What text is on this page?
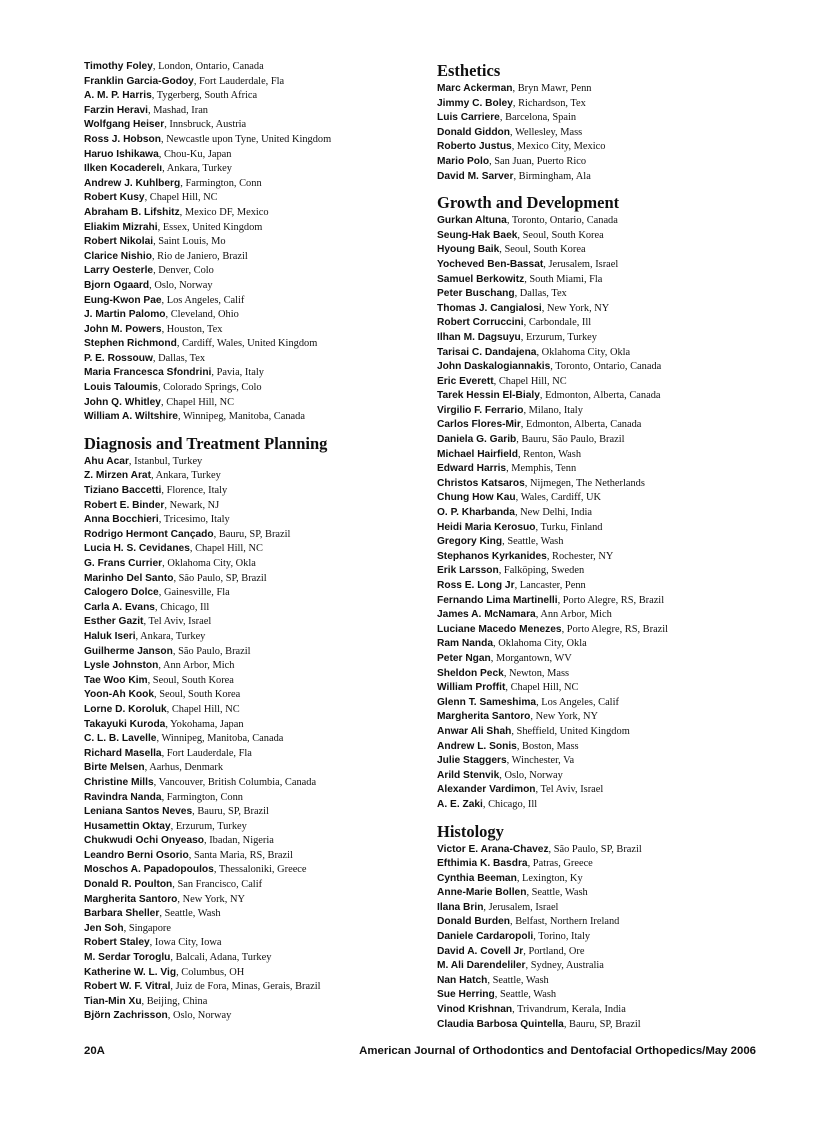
Timothy Foley, London, Ontario, Canada
Franklin Garcia-Godoy, Fort Lauderdale, Fla
A. M. P. Harris, Tygerberg, South Africa
Farzin Heravi, Mashad, Iran
Wolfgang Heiser, Innsbruck, Austria
Ross J. Hobson, Newcastle upon Tyne, United Kingdom
Haruo Ishikawa, Chou-Ku, Japan
Ilken Kocaderelı, Ankara, Turkey
Andrew J. Kuhlberg, Farmington, Conn
Robert Kusy, Chapel Hill, NC
Abraham B. Lifshitz, Mexico DF, Mexico
Eliakim Mizrahi, Essex, United Kingdom
Robert Nikolai, Saint Louis, Mo
Clarice Nishio, Rio de Janiero, Brazil
Larry Oesterle, Denver, Colo
Bjorn Ogaard, Oslo, Norway
Eung-Kwon Pae, Los Angeles, Calif
J. Martin Palomo, Cleveland, Ohio
John M. Powers, Houston, Tex
Stephen Richmond, Cardiff, Wales, United Kingdom
P. E. Rossouw, Dallas, Tex
Maria Francesca Sfondrini, Pavia, Italy
Louis Taloumis, Colorado Springs, Colo
John Q. Whitley, Chapel Hill, NC
William A. Wiltshire, Winnipeg, Manitoba, Canada
Diagnosis and Treatment Planning
Ahu Acar, Istanbul, Turkey
Z. Mirzen Arat, Ankara, Turkey
Tiziano Baccetti, Florence, Italy
Robert E. Binder, Newark, NJ
Anna Bocchieri, Tricesimo, Italy
Rodrigo Hermont Cançado, Bauru, SP, Brazil
Lucia H. S. Cevidanes, Chapel Hill, NC
G. Frans Currier, Oklahoma City, Okla
Marinho Del Santo, São Paulo, SP, Brazil
Calogero Dolce, Gainesville, Fla
Carla A. Evans, Chicago, Ill
Esther Gazit, Tel Aviv, Israel
Haluk Iseri, Ankara, Turkey
Guilherme Janson, São Paulo, Brazil
Lysle Johnston, Ann Arbor, Mich
Tae Woo Kim, Seoul, South Korea
Yoon-Ah Kook, Seoul, South Korea
Lorne D. Koroluk, Chapel Hill, NC
Takayuki Kuroda, Yokohama, Japan
C. L. B. Lavelle, Winnipeg, Manitoba, Canada
Richard Masella, Fort Lauderdale, Fla
Birte Melsen, Aarhus, Denmark
Christine Mills, Vancouver, British Columbia, Canada
Ravindra Nanda, Farmington, Conn
Leniana Santos Neves, Bauru, SP, Brazil
Husamettin Oktay, Erzurum, Turkey
Chukwudi Ochi Onyeaso, Ibadan, Nigeria
Leandro Berni Osorio, Santa Maria, RS, Brazil
Moschos A. Papadopoulos, Thessaloniki, Greece
Donald R. Poulton, San Francisco, Calif
Margherita Santoro, New York, NY
Barbara Sheller, Seattle, Wash
Jen Soh, Singapore
Robert Staley, Iowa City, Iowa
M. Serdar Toroglu, Balcali, Adana, Turkey
Katherine W. L. Vig, Columbus, OH
Robert W. F. Vitral, Juiz de Fora, Minas, Gerais, Brazil
Tian-Min Xu, Beijing, China
Björn Zachrisson, Oslo, Norway
Esthetics
Marc Ackerman, Bryn Mawr, Penn
Jimmy C. Boley, Richardson, Tex
Luis Carriere, Barcelona, Spain
Donald Giddon, Wellesley, Mass
Roberto Justus, Mexico City, Mexico
Mario Polo, San Juan, Puerto Rico
David M. Sarver, Birmingham, Ala
Growth and Development
Gurkan Altuna, Toronto, Ontario, Canada
Seung-Hak Baek, Seoul, South Korea
Hyoung Baik, Seoul, South Korea
Yocheved Ben-Bassat, Jerusalem, Israel
Samuel Berkowitz, South Miami, Fla
Peter Buschang, Dallas, Tex
Thomas J. Cangialosi, New York, NY
Robert Corruccini, Carbondale, Ill
Ilhan M. Dagsuyu, Erzurum, Turkey
Tarisai C. Dandajena, Oklahoma City, Okla
John Daskalogiannakis, Toronto, Ontario, Canada
Eric Everett, Chapel Hill, NC
Tarek Hessin El-Bialy, Edmonton, Alberta, Canada
Virgilio F. Ferrario, Milano, Italy
Carlos Flores-Mir, Edmonton, Alberta, Canada
Daniela G. Garib, Bauru, São Paulo, Brazil
Michael Hairfield, Renton, Wash
Edward Harris, Memphis, Tenn
Christos Katsaros, Nijmegen, The Netherlands
Chung How Kau, Wales, Cardiff, UK
O. P. Kharbanda, New Delhi, India
Heidi Maria Kerosuo, Turku, Finland
Gregory King, Seattle, Wash
Stephanos Kyrkanides, Rochester, NY
Erik Larsson, Falköping, Sweden
Ross E. Long Jr, Lancaster, Penn
Fernando Lima Martinelli, Porto Alegre, RS, Brazil
James A. McNamara, Ann Arbor, Mich
Luciane Macedo Menezes, Porto Alegre, RS, Brazil
Ram Nanda, Oklahoma City, Okla
Peter Ngan, Morgantown, WV
Sheldon Peck, Newton, Mass
William Proffit, Chapel Hill, NC
Glenn T. Sameshima, Los Angeles, Calif
Margherita Santoro, New York, NY
Anwar Ali Shah, Sheffield, United Kingdom
Andrew L. Sonis, Boston, Mass
Julie Staggers, Winchester, Va
Arild Stenvik, Oslo, Norway
Alexander Vardimon, Tel Aviv, Israel
A. E. Zaki, Chicago, Ill
Histology
Victor E. Arana-Chavez, São Paulo, SP, Brazil
Efthimia K. Basdra, Patras, Greece
Cynthia Beeman, Lexington, Ky
Anne-Marie Bollen, Seattle, Wash
Ilana Brin, Jerusalem, Israel
Donald Burden, Belfast, Northern Ireland
Daniele Cardaropoli, Torino, Italy
David A. Covell Jr, Portland, Ore
M. Ali Darendeliler, Sydney, Australia
Nan Hatch, Seattle, Wash
Sue Herring, Seattle, Wash
Vinod Krishnan, Trivandrum, Kerala, India
Claudia Barbosa Quintella, Bauru, SP, Brazil
20A	American Journal of Orthodontics and Dentofacial Orthopedics/May 2006
